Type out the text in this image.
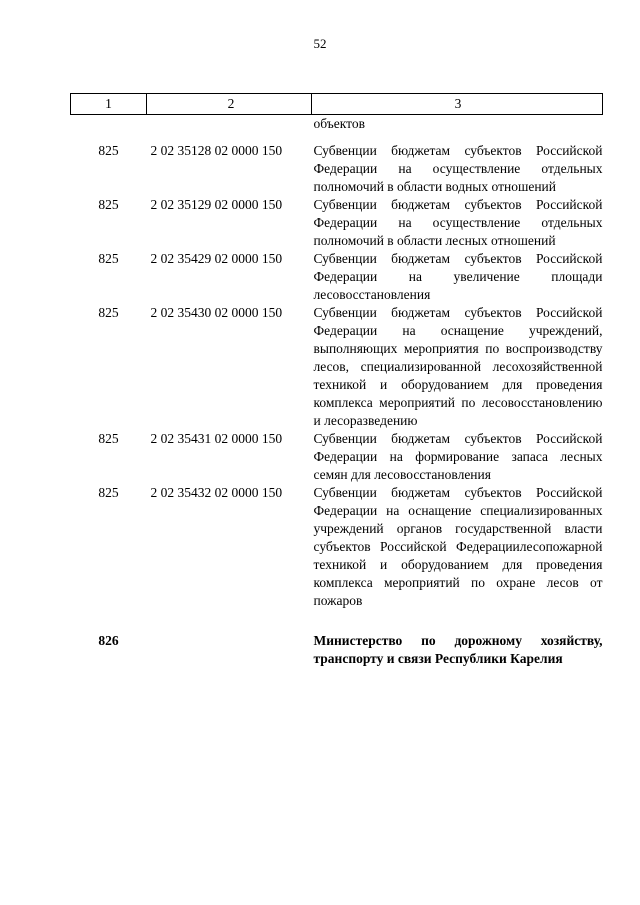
52
1	2	3
		объектов
825	2 02 35128 02 0000 150	Субвенции бюджетам субъектов Российской Федерации на осуществление отдельных полномочий в области водных отношений
825	2 02 35129 02 0000 150	Субвенции бюджетам субъектов Российской Федерации на осуществление отдельных полномочий в области лесных отношений
825	2 02 35429 02 0000 150	Субвенции бюджетам субъектов Российской Федерации на увеличение площади лесовосстановления
825	2 02 35430 02 0000 150	Субвенции бюджетам субъектов Российской Федерации на оснащение учреждений, выполняющих мероприятия по воспроизводству лесов, специализированной лесохозяйственной техникой и оборудованием для проведения комплекса мероприятий по лесовосстановлению и лесоразведению
825	2 02 35431 02 0000 150	Субвенции бюджетам субъектов Российской Федерации на формирование запаса лесных семян для лесовосстановления
825	2 02 35432 02 0000 150	Субвенции бюджетам субъектов Российской Федерации на оснащение специализированных учреждений органов государственной власти субъектов Российской Федерациилесопожарной техникой и оборудованием для проведения комплекса мероприятий по охране лесов от пожаров

826		Министерство по дорожному хозяйству, транспорту и связи Республики Карелия
